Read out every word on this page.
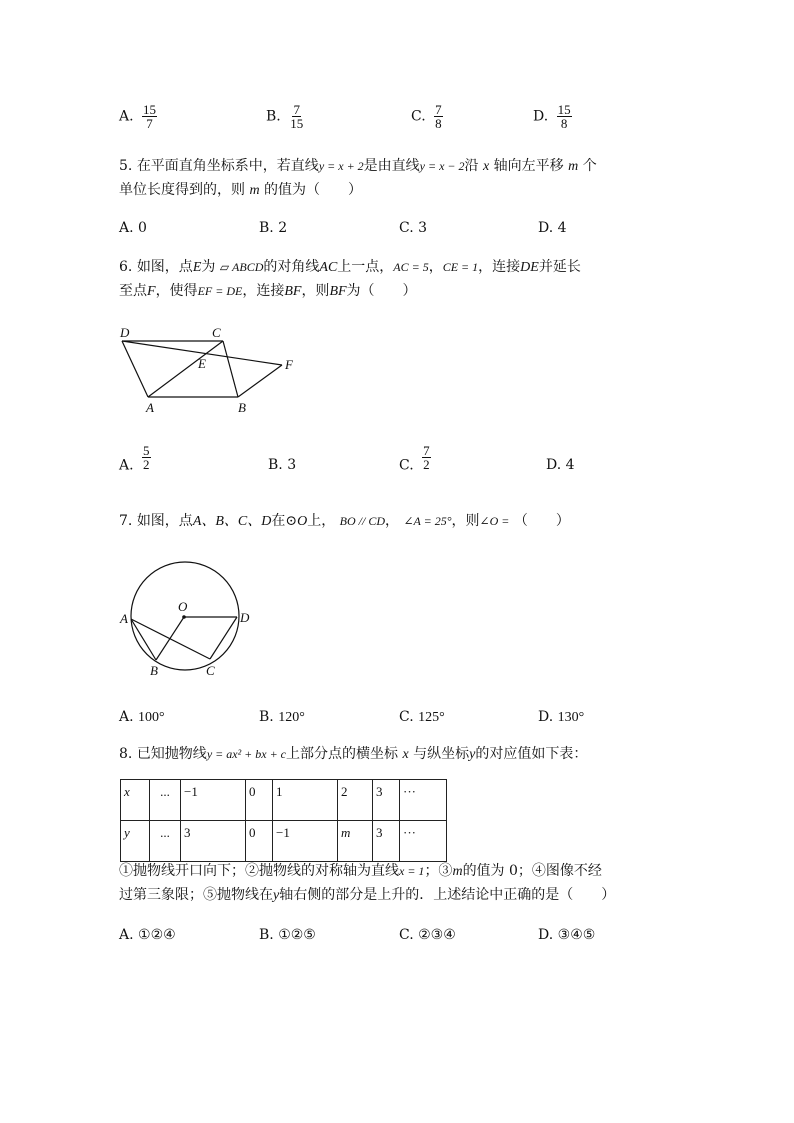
A. $\frac{15}{7}$	B. $\frac{7}{15}$	C. $\frac{7}{8}$	D. $\frac{15}{8}$
5. 在平面直角坐标系中，若直线y = x + 2是由直线y = x − 2沿 x 轴向左平移 m 个
单位长度得到的，则 m 的值为（　　）
A. 0	B. 2	C. 3	D. 4
6. 如图，点E为 ▱ ABCD的对角线AC上一点，AC = 5，CE = 1，连接DE并延长
至点F，使得EF = DE，连接BF，则BF为（　　）
D	C
E	F
A	B
A. $\frac{5}{2}$	B. 3	C. $\frac{7}{2}$	D. 4
7. 如图，点A、B、C、D在⊙O上， BO // CD， ∠A = 25°，则∠O = （　　）
O
A	D
B	C
A. 100°	B. 120°	C. 125°	D. 130°
8. 已知抛物线y = ax² + bx + c上部分点的横坐标 x 与纵坐标y的对应值如下表：
x	...	−1	0	1	2	3	···
y	...	3	0	−1	m	3	···
①抛物线开口向下；②抛物线的对称轴为直线x = 1；③m的值为 0；④图像不经
过第三象限；⑤抛物线在y轴右侧的部分是上升的．上述结论中正确的是（　　）
A. ①②④	B. ①②⑤	C. ②③④	D. ③④⑤
